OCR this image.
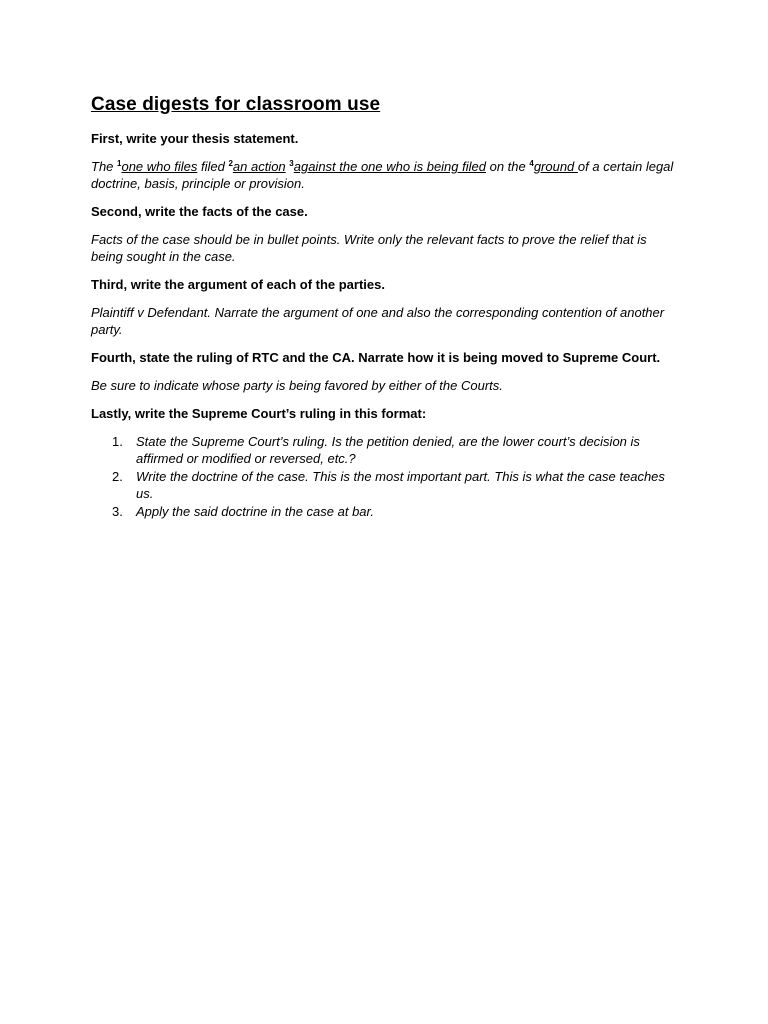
Case digests for classroom use
First, write your thesis statement.
The $^1$one who files filed $^2$an action $^3$against the one who is being filed on the $^4$ground of a certain legal doctrine, basis, principle or provision.
Second, write the facts of the case.
Facts of the case should be in bullet points. Write only the relevant facts to prove the relief that is being sought in the case.
Third, write the argument of each of the parties.
Plaintiff v Defendant. Narrate the argument of one and also the corresponding contention of another party.
Fourth, state the ruling of RTC and the CA. Narrate how it is being moved to Supreme Court.
Be sure to indicate whose party is being favored by either of the Courts.
Lastly, write the Supreme Court’s ruling in this format:
1. State the Supreme Court’s ruling. Is the petition denied, are the lower court’s decision is affirmed or modified or reversed, etc.?
2. Write the doctrine of the case. This is the most important part. This is what the case teaches us.
3. Apply the said doctrine in the case at bar.
